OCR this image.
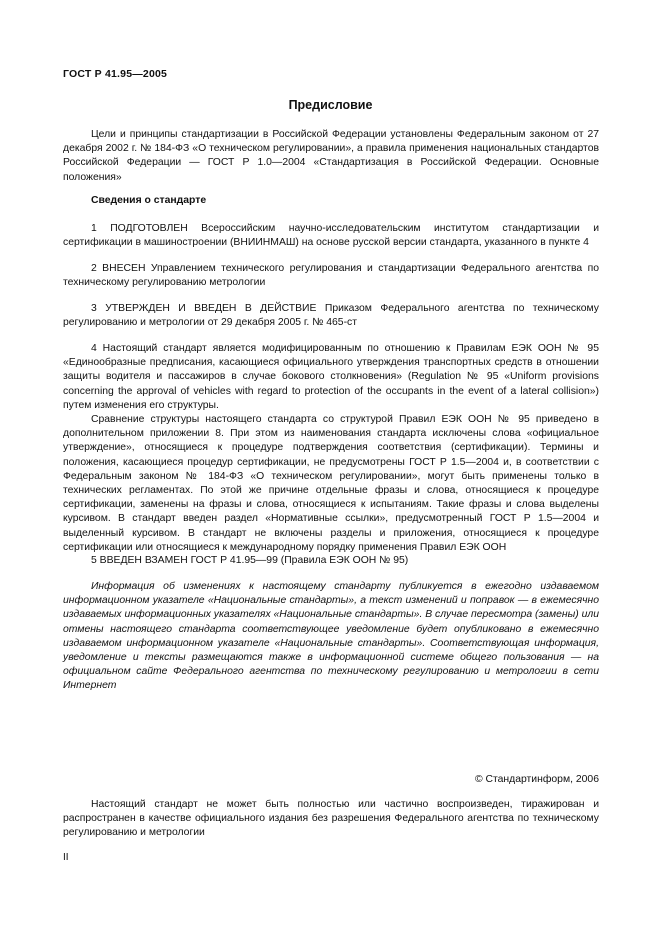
ГОСТ Р 41.95—2005
Предисловие

Цели и принципы стандартизации в Российской Федерации установлены Федеральным законом от 27 декабря 2002 г. № 184-ФЗ «О техническом регулировании», а правила применения национальных стандартов Российской Федерации — ГОСТ Р 1.0—2004 «Стандартизация в Российской Федерации. Основные положения»

Сведения о стандарте

1 ПОДГОТОВЛЕН Всероссийским научно-исследовательским институтом стандартизации и сертификации в машиностроении (ВНИИНМАШ) на основе русской версии стандарта, указанного в пункте 4

2 ВНЕСЕН Управлением технического регулирования и стандартизации Федерального агентства по техническому регулированию метрологии

3 УТВЕРЖДЕН И ВВЕДЕН В ДЕЙСТВИЕ Приказом Федерального агентства по техническому регулированию и метрологии от 29 декабря 2005 г. № 465-ст

4 Настоящий стандарт является модифицированным по отношению к Правилам ЕЭК ООН № 95 «Единообразные предписания, касающиеся официального утверждения транспортных средств в отношении защиты водителя и пассажиров в случае бокового столкновения» (Regulation № 95 «Uniform provisions concerning the approval of vehicles with regard to protection of the occupants in the event of a lateral collision») путем изменения его структуры.

Сравнение структуры настоящего стандарта со структурой Правил ЕЭК ООН № 95 приведено в дополнительном приложении 8. При этом из наименования стандарта исключены слова «официальное утверждение», относящиеся к процедуре подтверждения соответствия (сертификации). Термины и положения, касающиеся процедур сертификации, не предусмотрены ГОСТ Р 1.5—2004 и, в соответствии с Федеральным законом № 184-ФЗ «О техническом регулировании», могут быть применены только в технических регламентах. По этой же причине отдельные фразы и слова, относящиеся к процедуре сертификации, заменены на фразы и слова, относящиеся к испытаниям. Такие фразы и слова выделены курсивом. В стандарт введен раздел «Нормативные ссылки», предусмотренный ГОСТ Р 1.5—2004 и выделенный курсивом. В стандарт не включены разделы и приложения, относящиеся к процедуре сертификации или относящиеся к международному порядку применения Правил ЕЭК ООН

5 ВВЕДЕН ВЗАМЕН ГОСТ Р 41.95—99 (Правила ЕЭК ООН № 95)

Информация об изменениях к настоящему стандарту публикуется в ежегодно издаваемом информационном указателе «Национальные стандарты», а текст изменений и поправок — в ежемесячно издаваемых информационных указателях «Национальные стандарты». В случае пересмотра (замены) или отмены настоящего стандарта соответствующее уведомление будет опубликовано в ежемесячно издаваемом информационном указателе «Национальные стандарты». Соответствующая информация, уведомление и тексты размещаются также в информационной системе общего пользования — на официальном сайте Федерального агентства по техническому регулированию и метрологии в сети Интернет

© Стандартинформ, 2006

Настоящий стандарт не может быть полностью или частично воспроизведен, тиражирован и распространен в качестве официального издания без разрешения Федерального агентства по техническому регулированию и метрологии

II
